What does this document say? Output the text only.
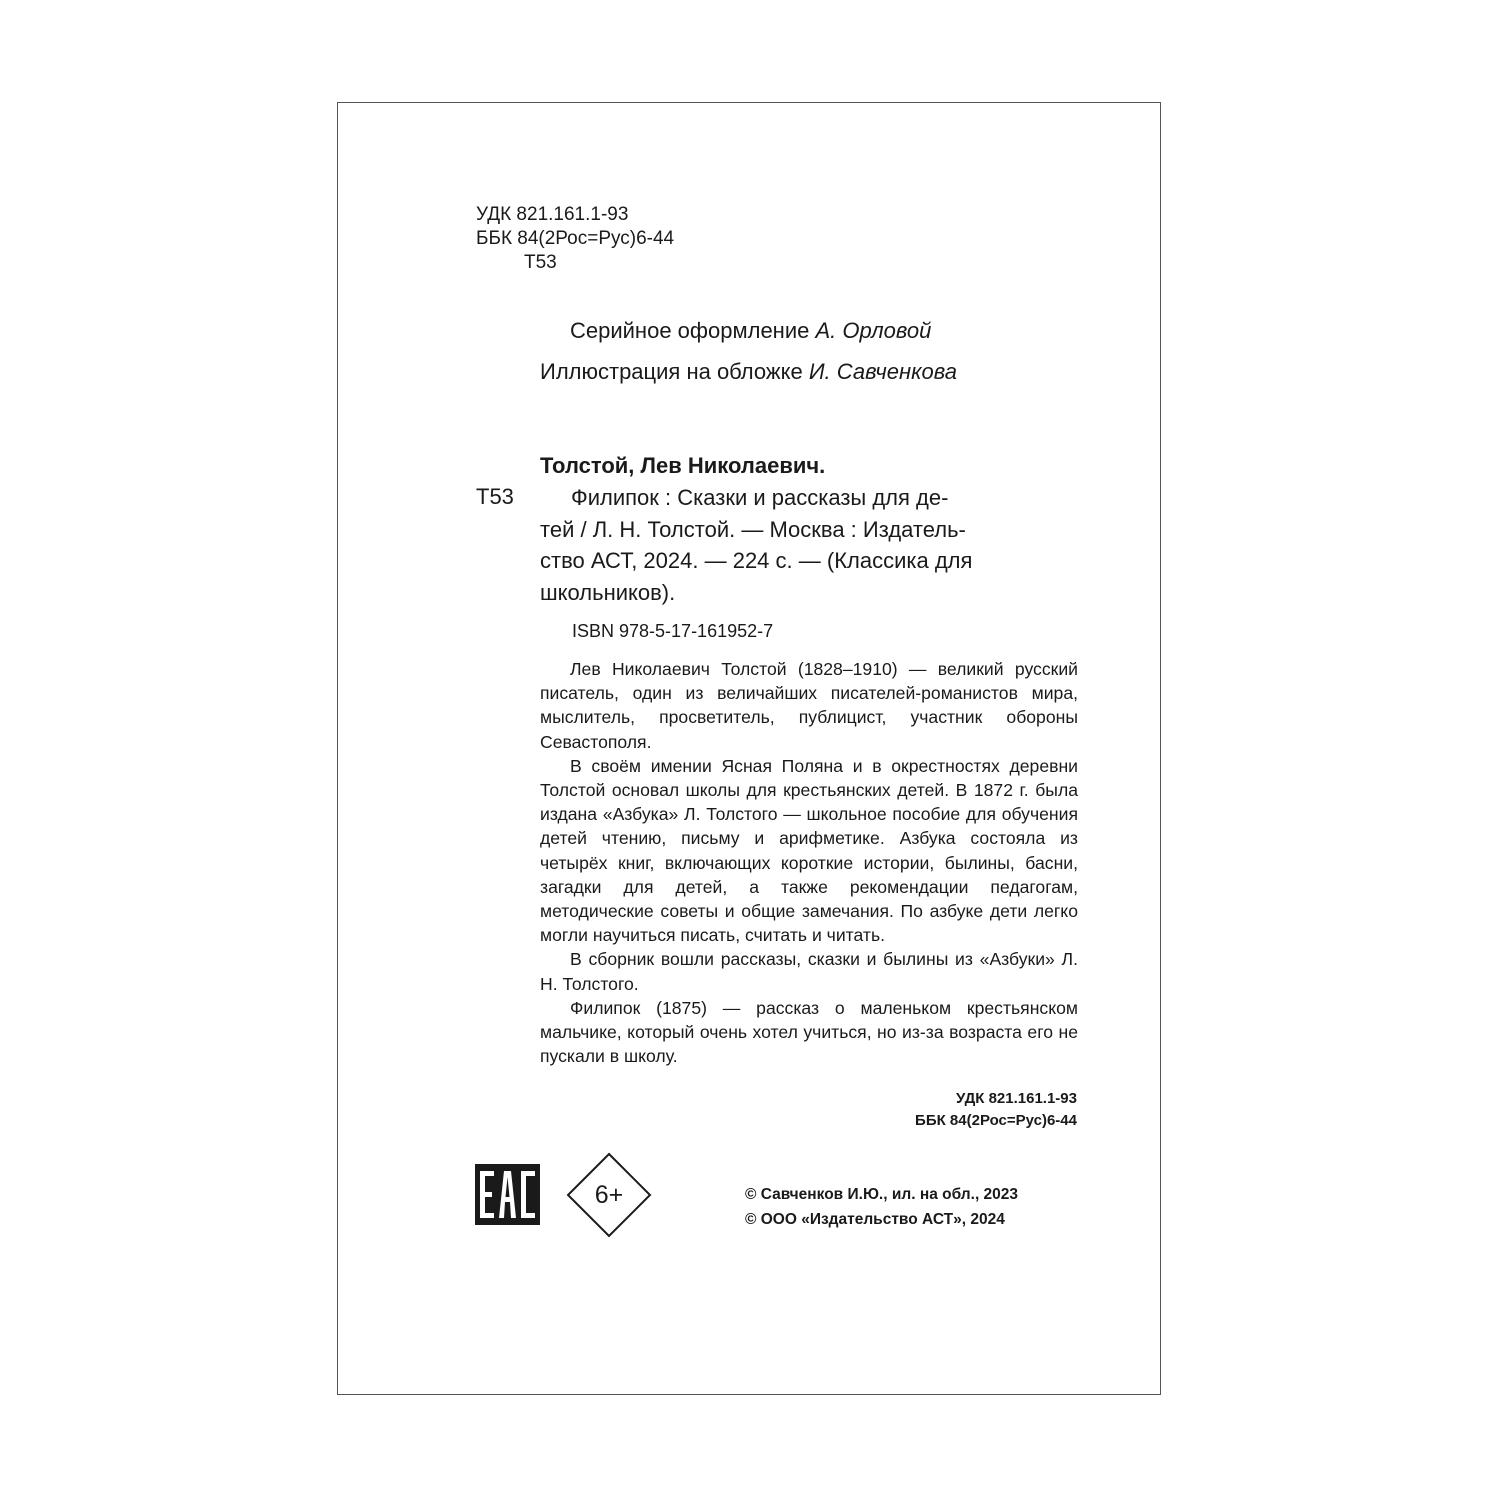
УДК 821.161.1-93
ББК 84(2Рос=Рус)6-44
Т53
Серийное оформление А. Орловой
Иллюстрация на обложке И. Савченкова
Толстой, Лев Николаевич.
Т53	Филипок : Сказки и рассказы для де-
тей / Л. Н. Толстой. — Москва : Издатель-
ство АСТ, 2024. — 224 с. — (Классика для
школьников).
ISBN 978-5-17-161952-7

Лев Николаевич Толстой (1828–1910) — великий русский писатель, один из величайших писателей-романистов мира, мыслитель, просветитель, публицист, участник обороны Севастополя.

В своём имении Ясная Поляна и в окрестностях деревни Толстой основал школы для крестьянских детей. В 1872 г. была издана «Азбука» Л. Толстого — школьное пособие для обучения детей чтению, письму и арифметике. Азбука состояла из четырёх книг, включающих короткие истории, былины, басни, загадки для детей, а также рекомендации педагогам, методические советы и общие замечания. По азбуке дети легко могли научиться писать, считать и читать.

В сборник вошли рассказы, сказки и былины из «Азбуки» Л. Н. Толстого.

Филипок (1875) — рассказ о маленьком крестьянском мальчике, который очень хотел учиться, но из-за возраста его не пускали в школу.

УДК 821.161.1-93
ББК 84(2Рос=Рус)6-44
6+	© Савченков И.Ю., ил. на обл., 2023
© ООО «Издательство АСТ», 2024
